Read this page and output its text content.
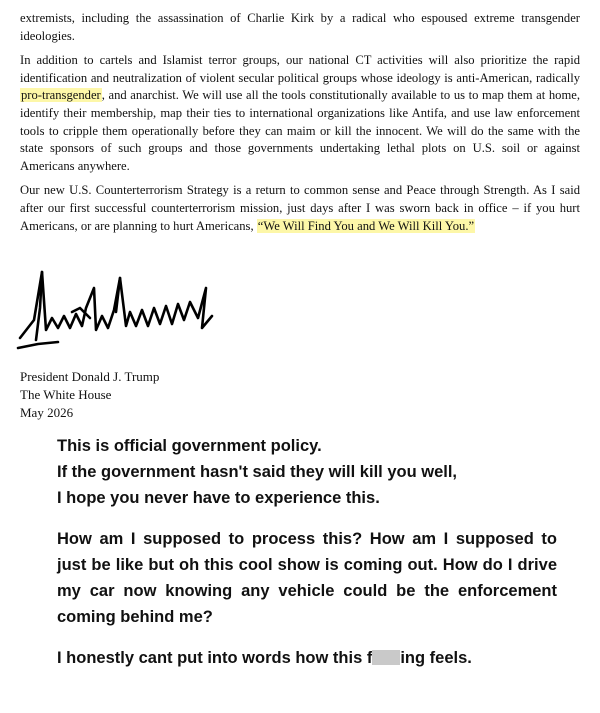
extremists, including the assassination of Charlie Kirk by a radical who espoused extreme transgender ideologies.

In addition to cartels and Islamist terror groups, our national CT activities will also prioritize the rapid identification and neutralization of violent secular political groups whose ideology is anti-American, radically pro-transgender, and anarchist. We will use all the tools constitutionally available to us to map them at home, identify their membership, map their ties to international organizations like Antifa, and use law enforcement tools to cripple them operationally before they can maim or kill the innocent. We will do the same with the state sponsors of such groups and those governments undertaking lethal plots on U.S. soil or against Americans anywhere.

Our new U.S. Counterterrorism Strategy is a return to common sense and Peace through Strength. As I said after our first successful counterterrorism mission, just days after I was sworn back in office – if you hurt Americans, or are planning to hurt Americans, “We Will Find You and We Will Kill You.”

President Donald J. Trump
The White House
May 2026

This is official government policy.

If the government hasn't said they will kill you well,

I hope you never have to experience this.

How am I supposed to process this? How am I supposed to just be like but oh this cool show is coming out. How do I drive my car now knowing any vehicle could be the enforcement coming behind me?

I honestly cant put into words how this f ing feels.
